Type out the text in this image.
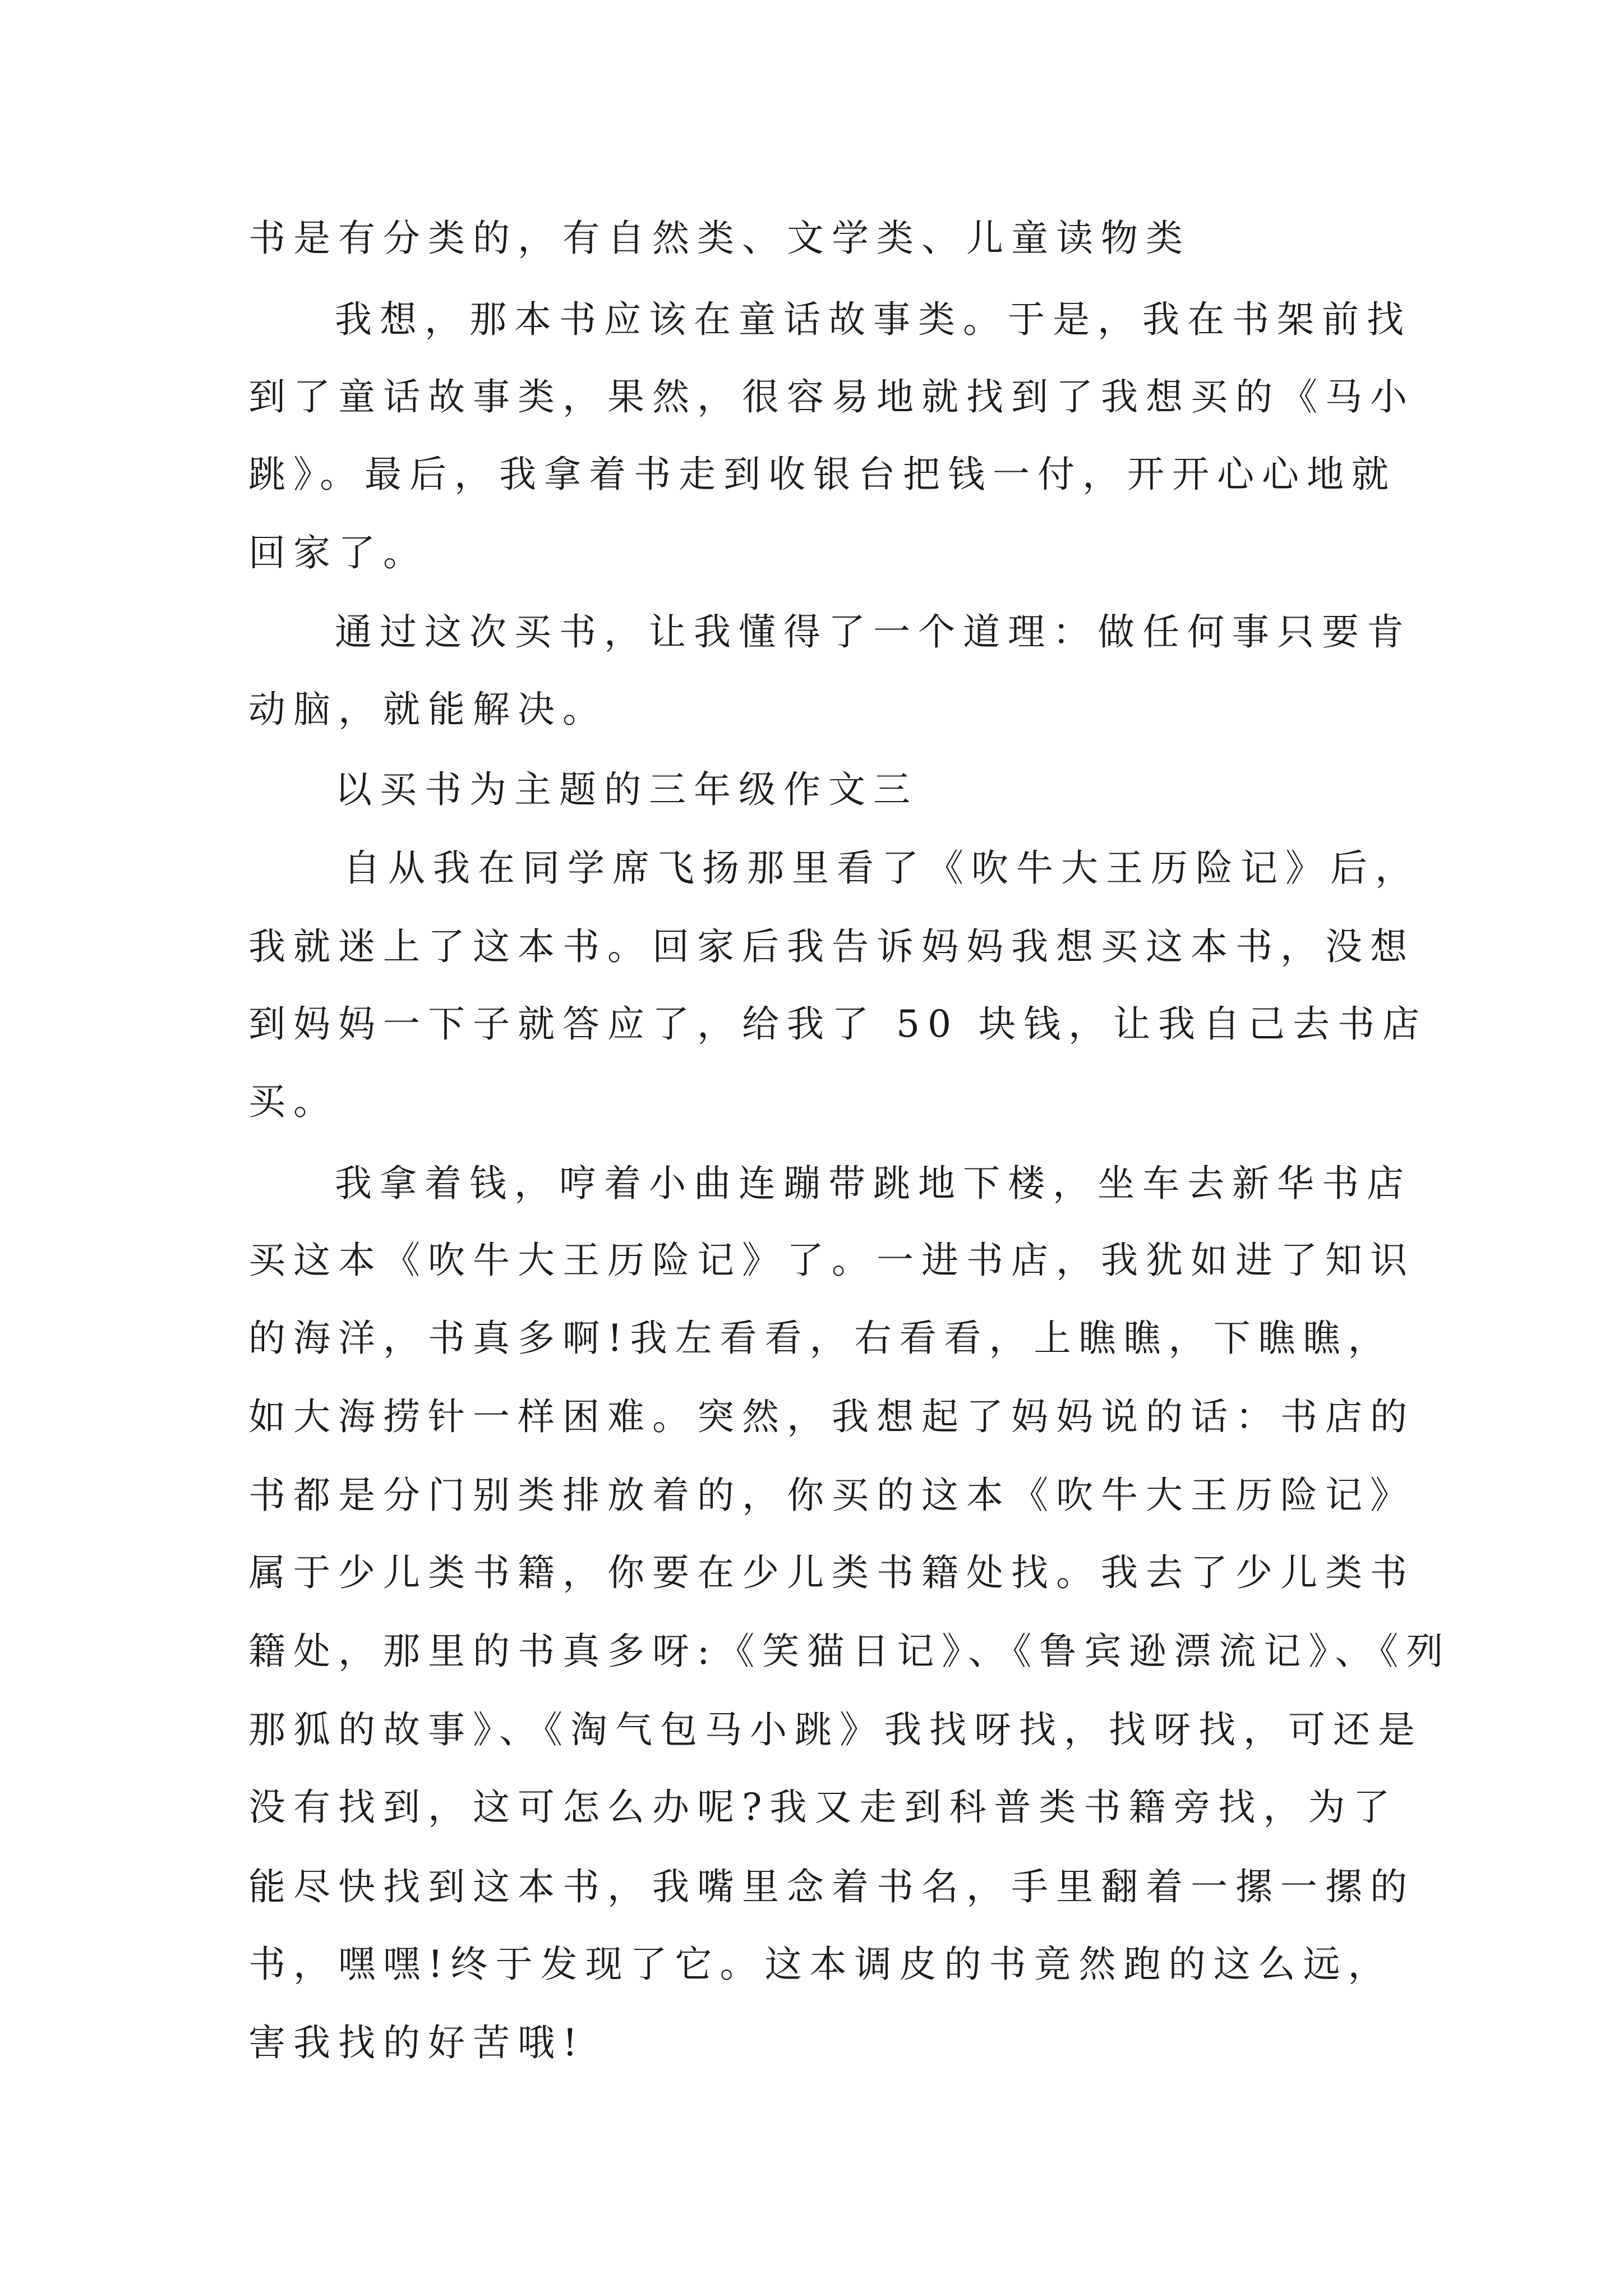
书是有分类的，有自然类、文学类、儿童读物类

我想，那本书应该在童话故事类。于是，我在书架前找

到了童话故事类，果然，很容易地就找到了我想买的《马小

跳》。最后，我拿着书走到收银台把钱一付，开开心心地就

回家了。

通过这次买书，让我懂得了一个道理：做任何事只要肯

动脑，就能解决。

以买书为主题的三年级作文三

自从我在同学席飞扬那里看了《吹牛大王历险记》后，

我就迷上了这本书。回家后我告诉妈妈我想买这本书，没想

到妈妈一下子就答应了，给我了 50 块钱，让我自己去书店

买。

我拿着钱，哼着小曲连蹦带跳地下楼，坐车去新华书店

买这本《吹牛大王历险记》了。一进书店，我犹如进了知识

的海洋，书真多啊!我左看看，右看看，上瞧瞧，下瞧瞧，

如大海捞针一样困难。突然，我想起了妈妈说的话：书店的

书都是分门别类排放着的，你买的这本《吹牛大王历险记》

属于少儿类书籍，你要在少儿类书籍处找。我去了少儿类书

籍处，那里的书真多呀:《笑猫日记》、《鲁宾逊漂流记》、《列

那狐的故事》、《淘气包马小跳》我找呀找，找呀找，可还是

没有找到，这可怎么办呢?我又走到科普类书籍旁找，为了

能尽快找到这本书，我嘴里念着书名，手里翻着一摞一摞的

书，嘿嘿!终于发现了它。这本调皮的书竟然跑的这么远，

害我找的好苦哦!
